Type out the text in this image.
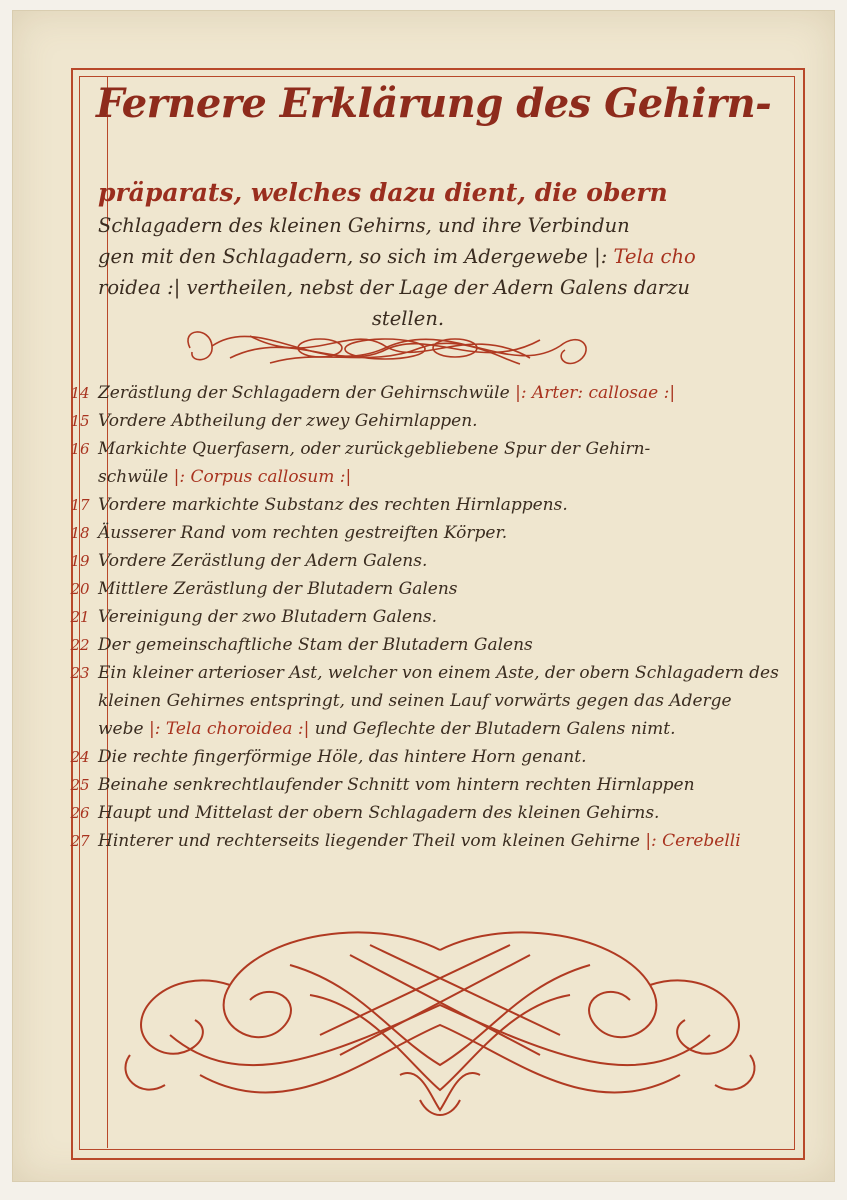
Fernere Erklärung des Gehirn-
präparats, welches dazu dient, die obern
Schlagadern des kleinen Gehirns, und ihre Verbindun
gen mit den Schlagadern, so sich im Adergewebe |: Tela cho
roidea :| vertheilen, nebst der Lage der Adern Galens darzu
stellen.
14 Zerästlung der Schlagadern der Gehirnschwüle |: Arter: callosae :|
15 Vordere Abtheilung der zwey Gehirnlappen.
16 Markichte Querfasern, oder zurückgebliebene Spur der Gehirn-
schwüle |: Corpus callosum :|
17 Vordere markichte Substanz des rechten Hirnlappens.
18 Äusserer Rand vom rechten gestreiften Körper.
19 Vordere Zerästlung der Adern Galens.
20 Mittlere Zerästlung der Blutadern Galens
21 Vereinigung der zwo Blutadern Galens.
22 Der gemeinschaftliche Stam der Blutadern Galens
23 Ein kleiner arterioser Ast, welcher von einem Aste, der obern Schlagadern des
kleinen Gehirnes entspringt, und seinen Lauf vorwärts gegen das Aderge
webe |: Tela choroidea :| und Geflechte der Blutadern Galens nimt.
24 Die rechte fingerförmige Höle, das hintere Horn genant.
25 Beinahe senkrechtlaufender Schnitt vom hintern rechten Hirnlappen
26 Haupt und Mittelast der obern Schlagadern des kleinen Gehirns.
27 Hinterer und rechterseits liegender Theil vom kleinen Gehirne |: Cerebelli
